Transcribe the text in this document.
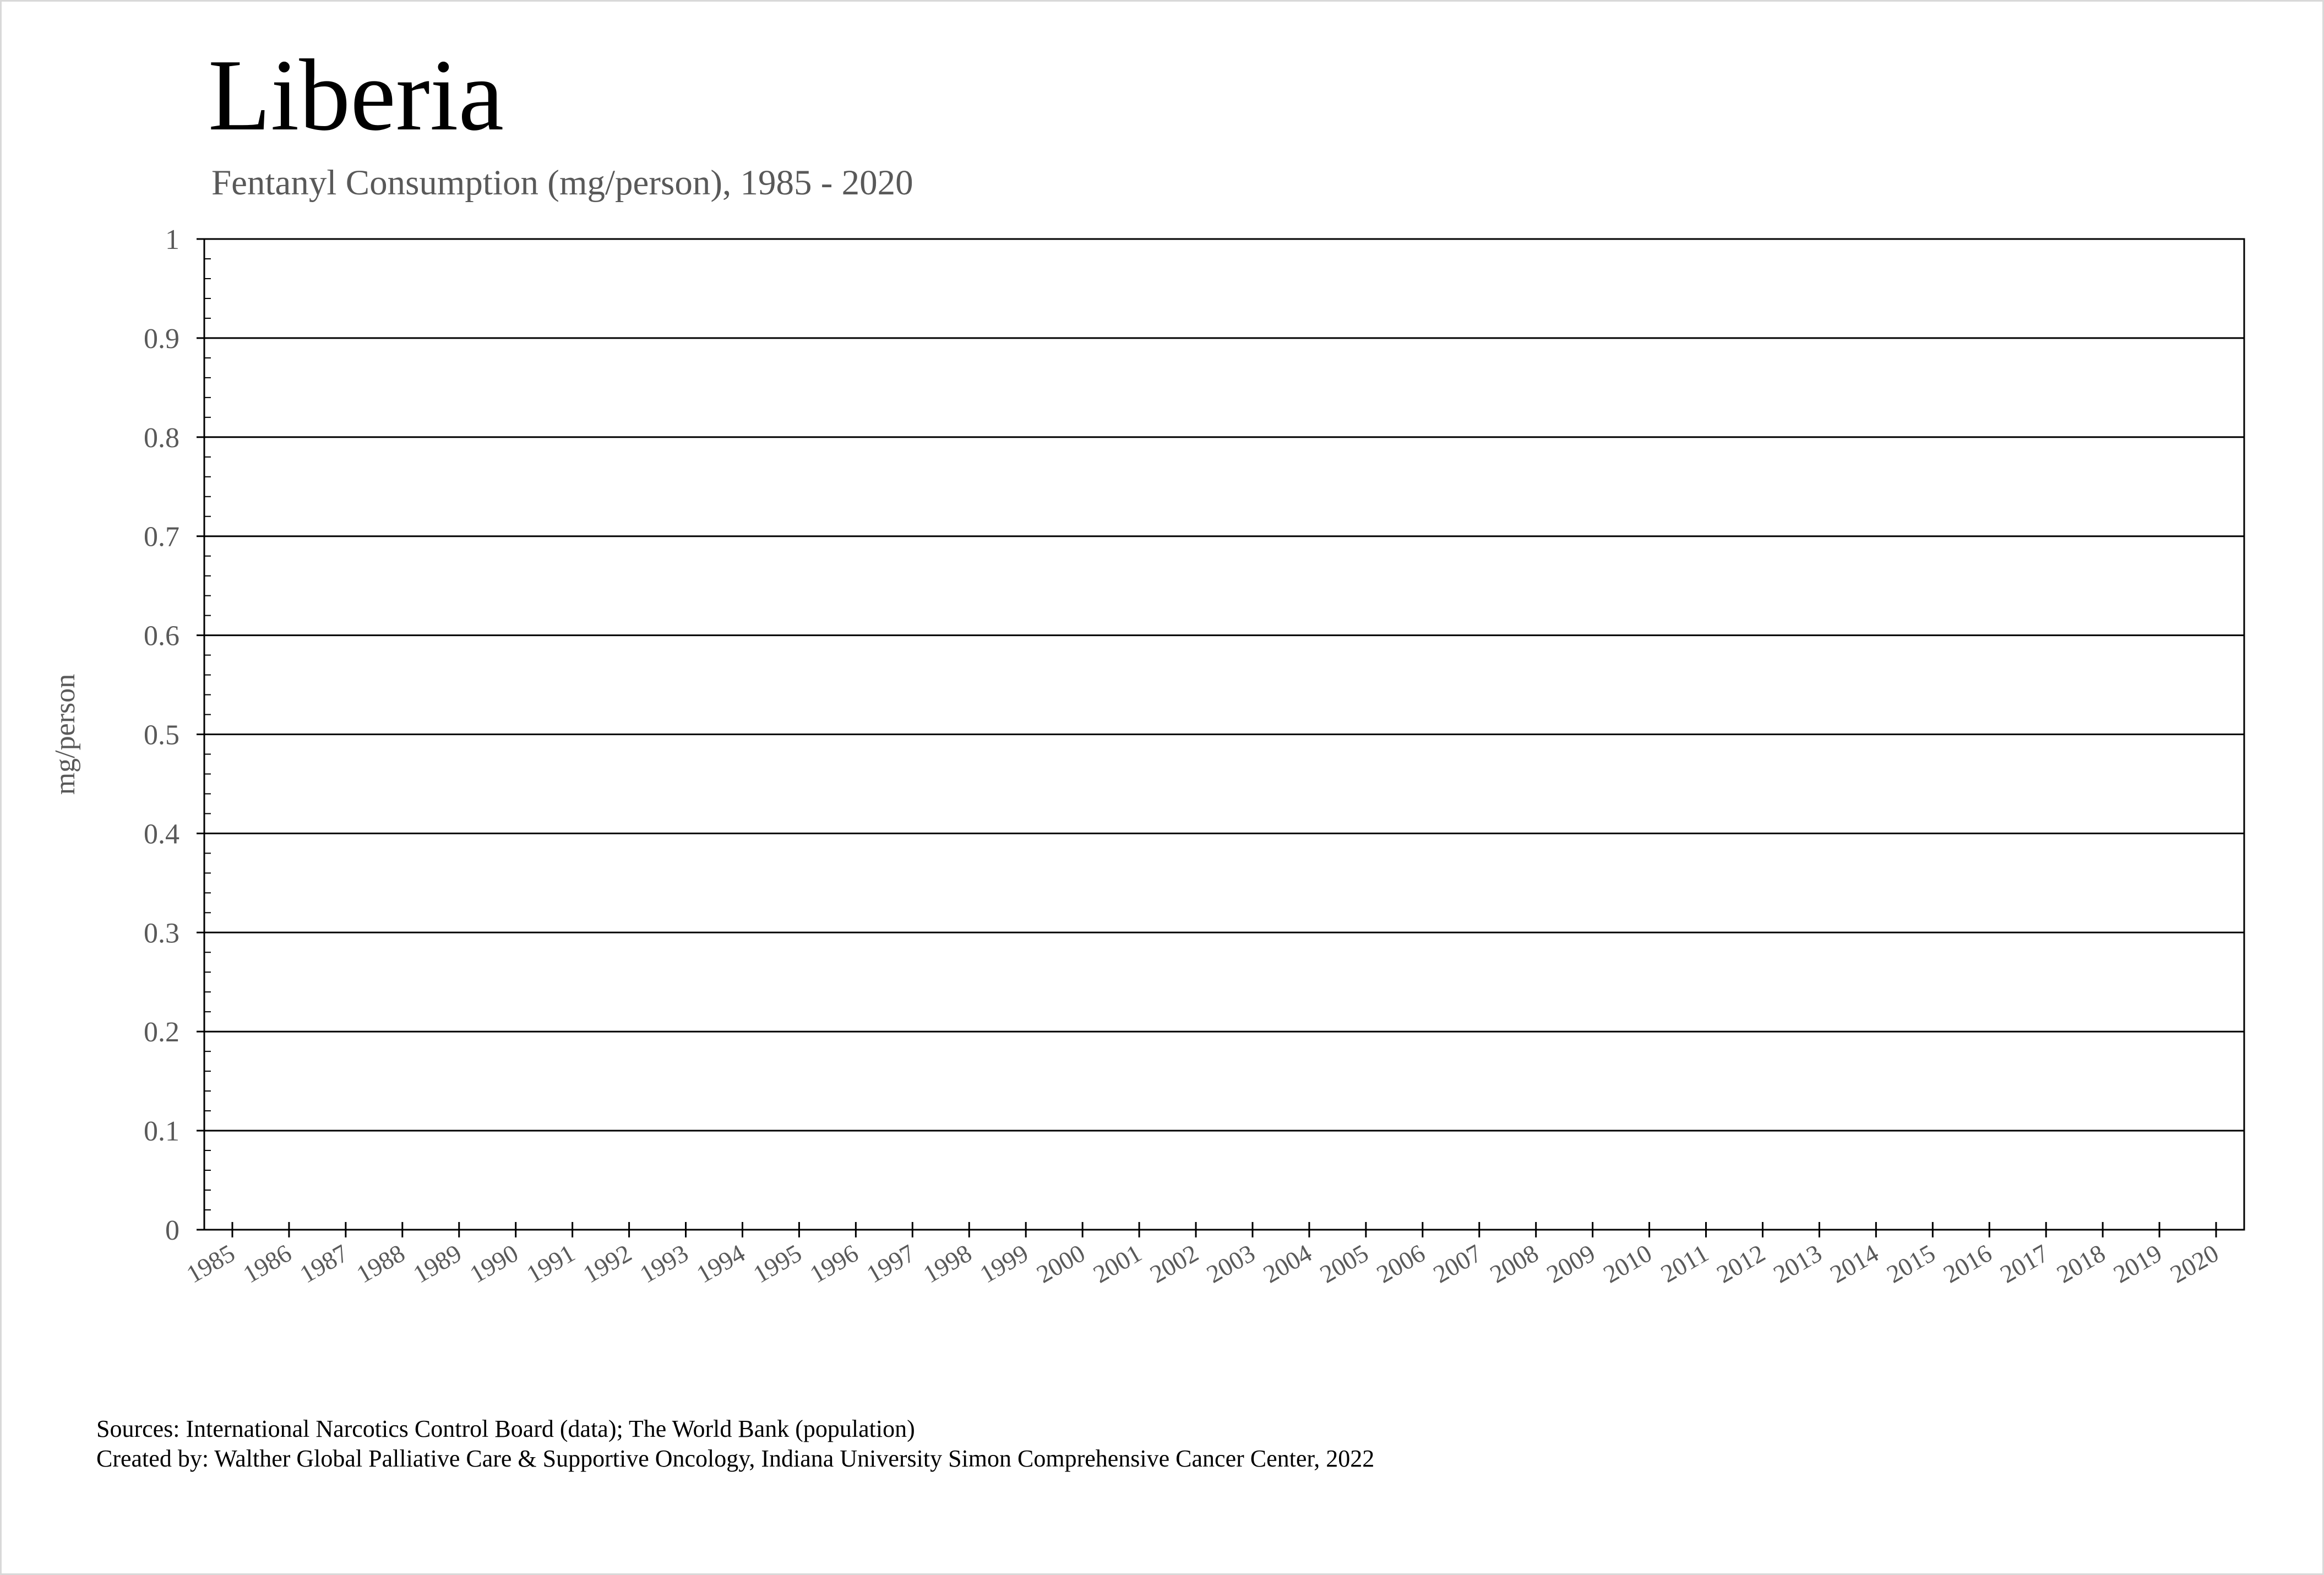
Liberia
Fentanyl Consumption (mg/person), 1985 - 2020
0
0.1
0.2
0.3
0.4
0.5
0.6
0.7
0.8
0.9
1
1985
1986
1987
1988
1989
1990
1991
1992
1993
1994
1995
1996
1997
1998
1999
2000
2001
2002
2003
2004
2005
2006
2007
2008
2009
2010 2011
2012
2013
2014
2015
2016
2017
2018
2019
2020
mg/person
Sources: International Narcotics Control Board (data); The World Bank (population)
Created by: Walther Global Palliative Care & Supportive Oncology, Indiana University Simon Comprehensive Cancer Center, 2022
